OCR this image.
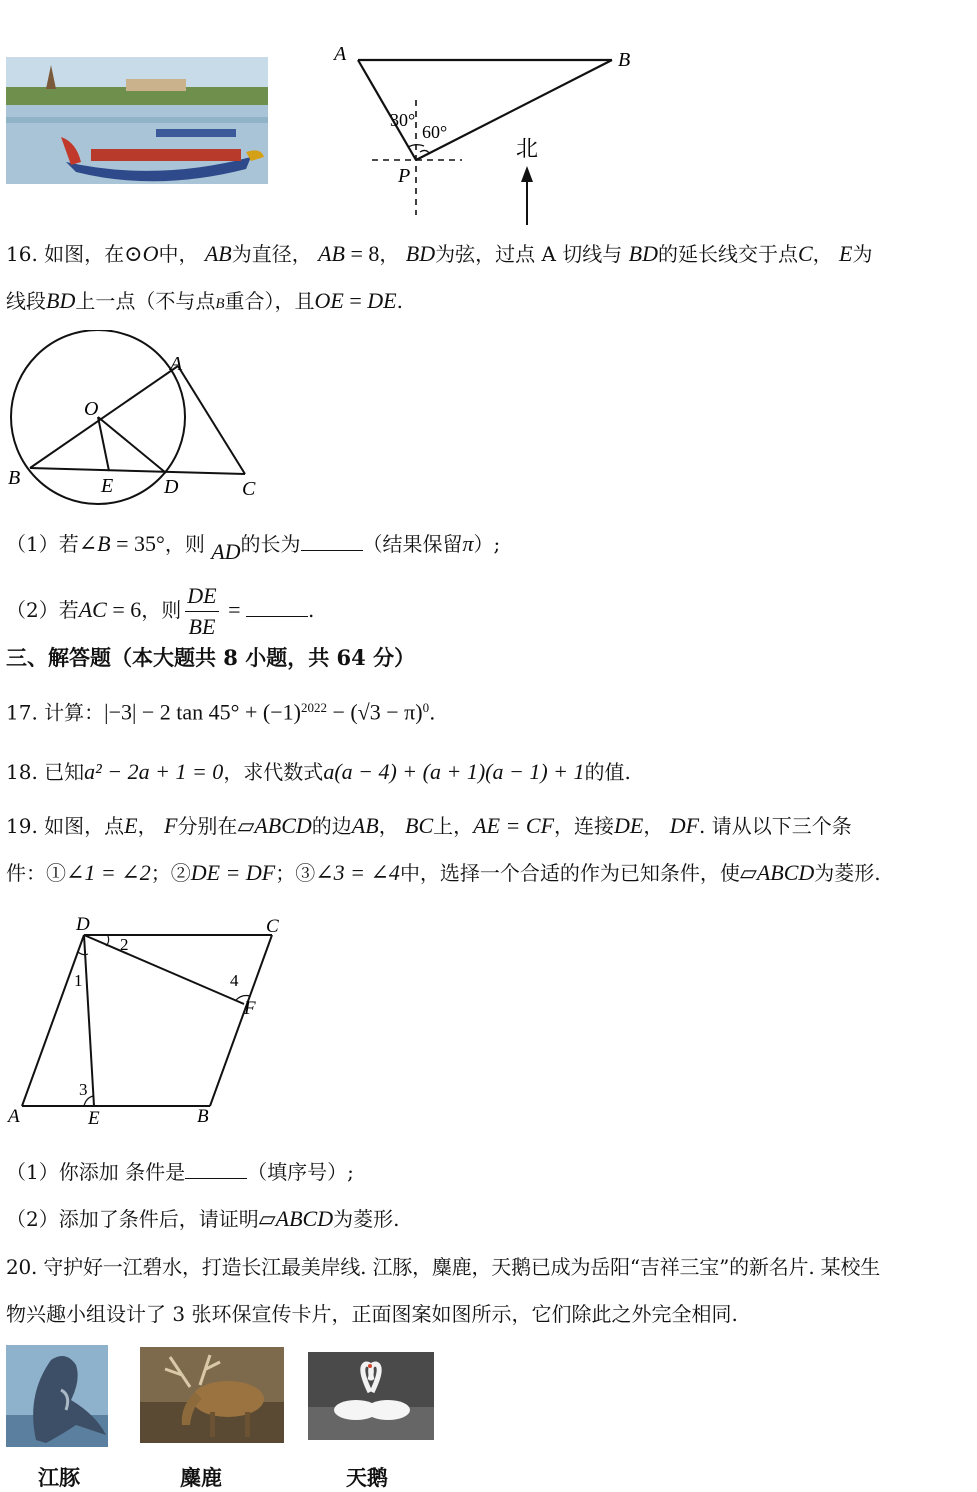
A	B
P
30°
60°
北
16. 如图，在⊙O中， AB为直径， AB = 8， BD为弦，过点 A 切线与 BD的延长线交于点C， E为
线段BD上一点（不与点B重合），且OE = DE.
A
O
B	E	D	C
（1）若∠B = 35°，则 AD的长为	（结果保留π）;
（2）若AC = 6，则 $\frac{DE}{BE}$ =	.
三、解答题（本大题共 8 小题，共 64 分）
17. 计算：|−3| − 2 $\tan 45^\circ + (-1)^{2022} - (√3 - \pi)^0$.
18. 已知a² − 2a + 1 = 0，求代数式a(a − 4) + (a + 1)(a − 1) + 1的值.
19. 如图，点E， F分别在▱ABCD的边AB， BC上，AE = CF，连接DE， DF. 请从以下三个条
件：①∠1 = ∠2；②DE = DF；③∠3 = ∠4中，选择一个合适的作为已知条件，使▱ABCD为菱形.
D	C
A	E	B
F
1
2
3
4
（1）你添加 条件是	（填序号）;
（2）添加了条件后，请证明▱ABCD为菱形.
20. 守护好一江碧水，打造长江最美岸线. 江豚，麋鹿，天鹅已成为岳阳“吉祥三宝”的新名片. 某校生
物兴趣小组设计了 3 张环保宣传卡片，正面图案如图所示，它们除此之外完全相同.
江豚	麋鹿	天鹅
